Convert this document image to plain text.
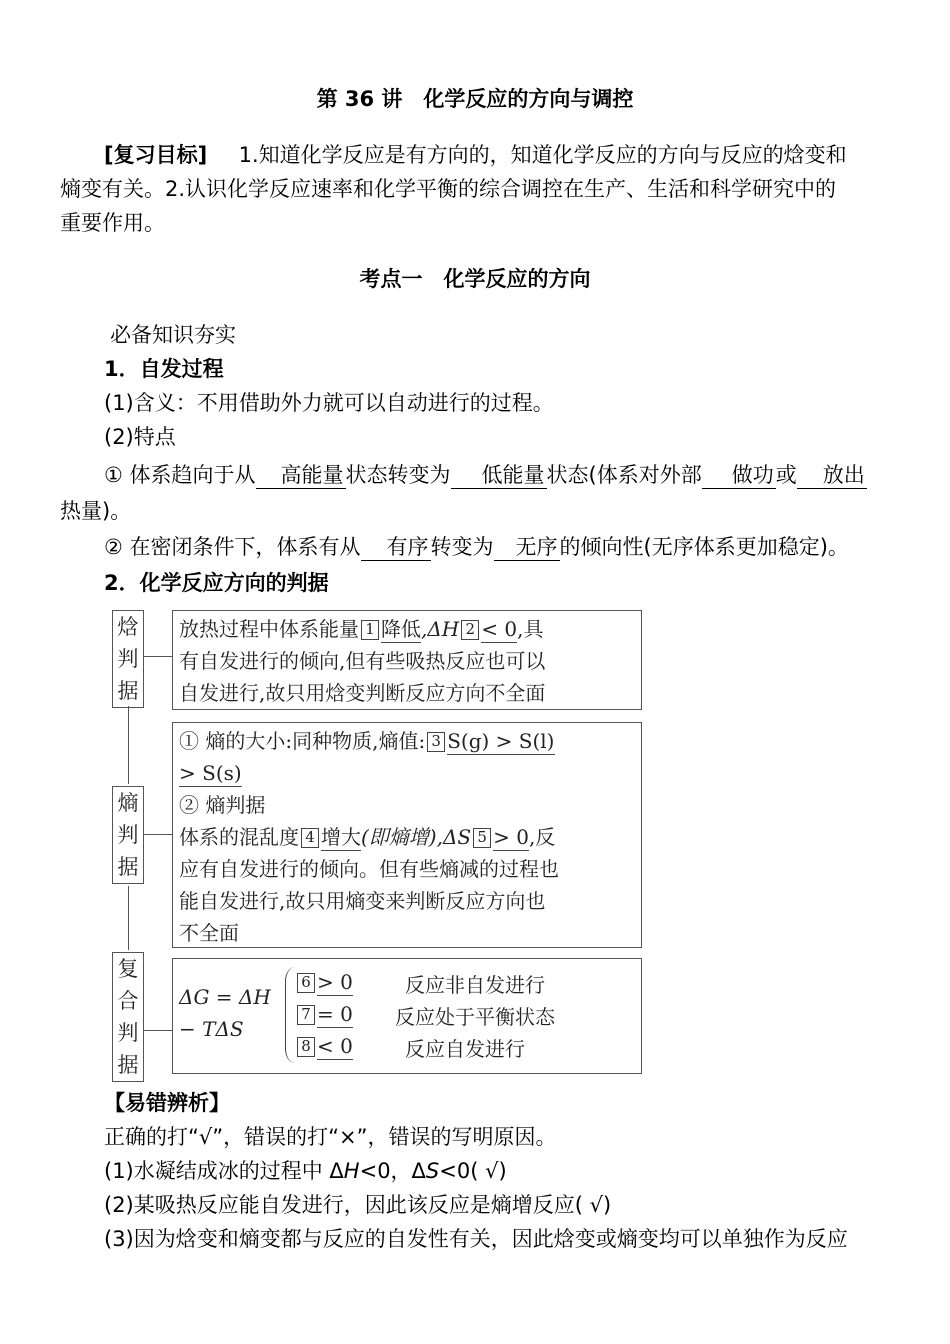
第 36 讲　化学反应的方向与调控
[复习目标] 1.知道化学反应是有方向的，知道化学反应的方向与反应的焓变和
熵变有关。2.认识化学反应速率和化学平衡的综合调控在生产、生活和科学研究中的
重要作用。
考点一　化学反应的方向
必备知识夯实
1．自发过程
(1)含义：不用借助外力就可以自动进行的过程。
(2)特点
① 体系趋向于从 高能量状态转变为 低能量状态(体系对外部 做功或 放出
热量)。
② 在密闭条件下，体系有从 有序转变为 无序的倾向性(无序体系更加稳定)。
2．化学反应方向的判据
焓
判
据
放热过程中体系能量 1 降低,ΔH 2 < 0,具
有自发进行的倾向,但有些吸热反应也可以
自发进行,故只用焓变判断反应方向不全面
熵
判
据
① 熵的大小:同种物质,熵值: 3 S(g) > S(l)
> S(s)
② 熵判据
体系的混乱度 4 增大(即熵增),ΔS 5 > 0,反
应有自发进行的倾向。但有些熵减的过程也
能自发进行,故只用熵变来判断反应方向也
不全面
复
合
判
据
ΔG = ΔH
− TΔS
6 > 0	反应非自发进行
7 = 0 反应处于平衡状态
8 < 0	反应自发进行
【易错辨析】
正确的打“√”，错误的打“×”，错误的写明原因。
(1)水凝结成冰的过程中 ΔH<0，ΔS<0( √)
(2)某吸热反应能自发进行，因此该反应是熵增反应( √)
(3)因为焓变和熵变都与反应的自发性有关，因此焓变或熵变均可以单独作为反应
